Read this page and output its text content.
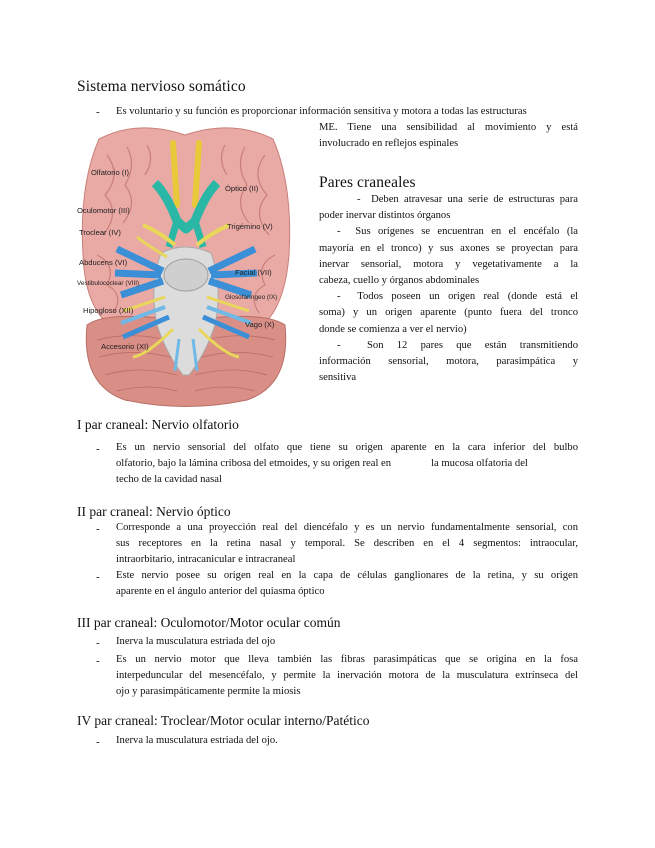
Sistema nervioso somático
- Es voluntario y su función es proporcionar información sensitiva y motora a todas las estructuras
ME. Tiene una sensibilidad al movimiento y está
involucrado en reflejos espinales
Olfatorio (I)
Óptico (II)
Oculomotor (III)
Troclear (IV)
Trigémino (V)
Abducens (VI)
Vestibulococlear (VIII)
Facial (VII)
Glosofaríngeo (IX)
Hipogloso (XII)
Vago (X)
Accesorio (XI)
Pares craneales
- Deben atravesar una serie de estructuras para
poder inervar distintos órganos
- Sus orígenes se encuentran en el encéfalo (la
mayoría en el tronco) y sus axones se proyectan para
inervar sensorial, motora y vegetativamente a la
cabeza, cuello y órganos abdominales
- Todos poseen un origen real (donde está el
soma) y un origen aparente (punto fuera del tronco
donde se comienza a ver el nervio)
-	Son 12 pares que están transmitiendo
información sensorial, motora, parasimpática y
sensitiva
I par craneal: Nervio olfatorio
- Es un nervio sensorial del olfato que tiene su origen aparente en la cara inferior del bulbo
olfatorio, bajo la lámina cribosa del etmoides, y su origen real en	la mucosa olfatoria del
techo de la cavidad nasal
II par craneal: Nervio óptico
- Corresponde a una proyección real del diencéfalo y es un nervio fundamentalmente sensorial, con
sus receptores en la retina nasal y temporal. Se describen en el 4 segmentos: intraocular,
intraorbitario, intracanicular e intracraneal
- Este nervio posee su origen real en la capa de células ganglionares de la retina, y su origen
aparente en el ángulo anterior del quiasma óptico
III par craneal: Oculomotor/Motor ocular común
- Inerva la musculatura estriada del ojo
- Es un nervio motor que lleva también las fibras parasimpáticas que se origina en la fosa
interpeduncular del mesencéfalo, y permite la inervación motora de la musculatura extrínseca del
ojo y parasimpáticamente permite la miosis
IV par craneal: Troclear/Motor ocular interno/Patético
- Inerva la musculatura estriada del ojo.
